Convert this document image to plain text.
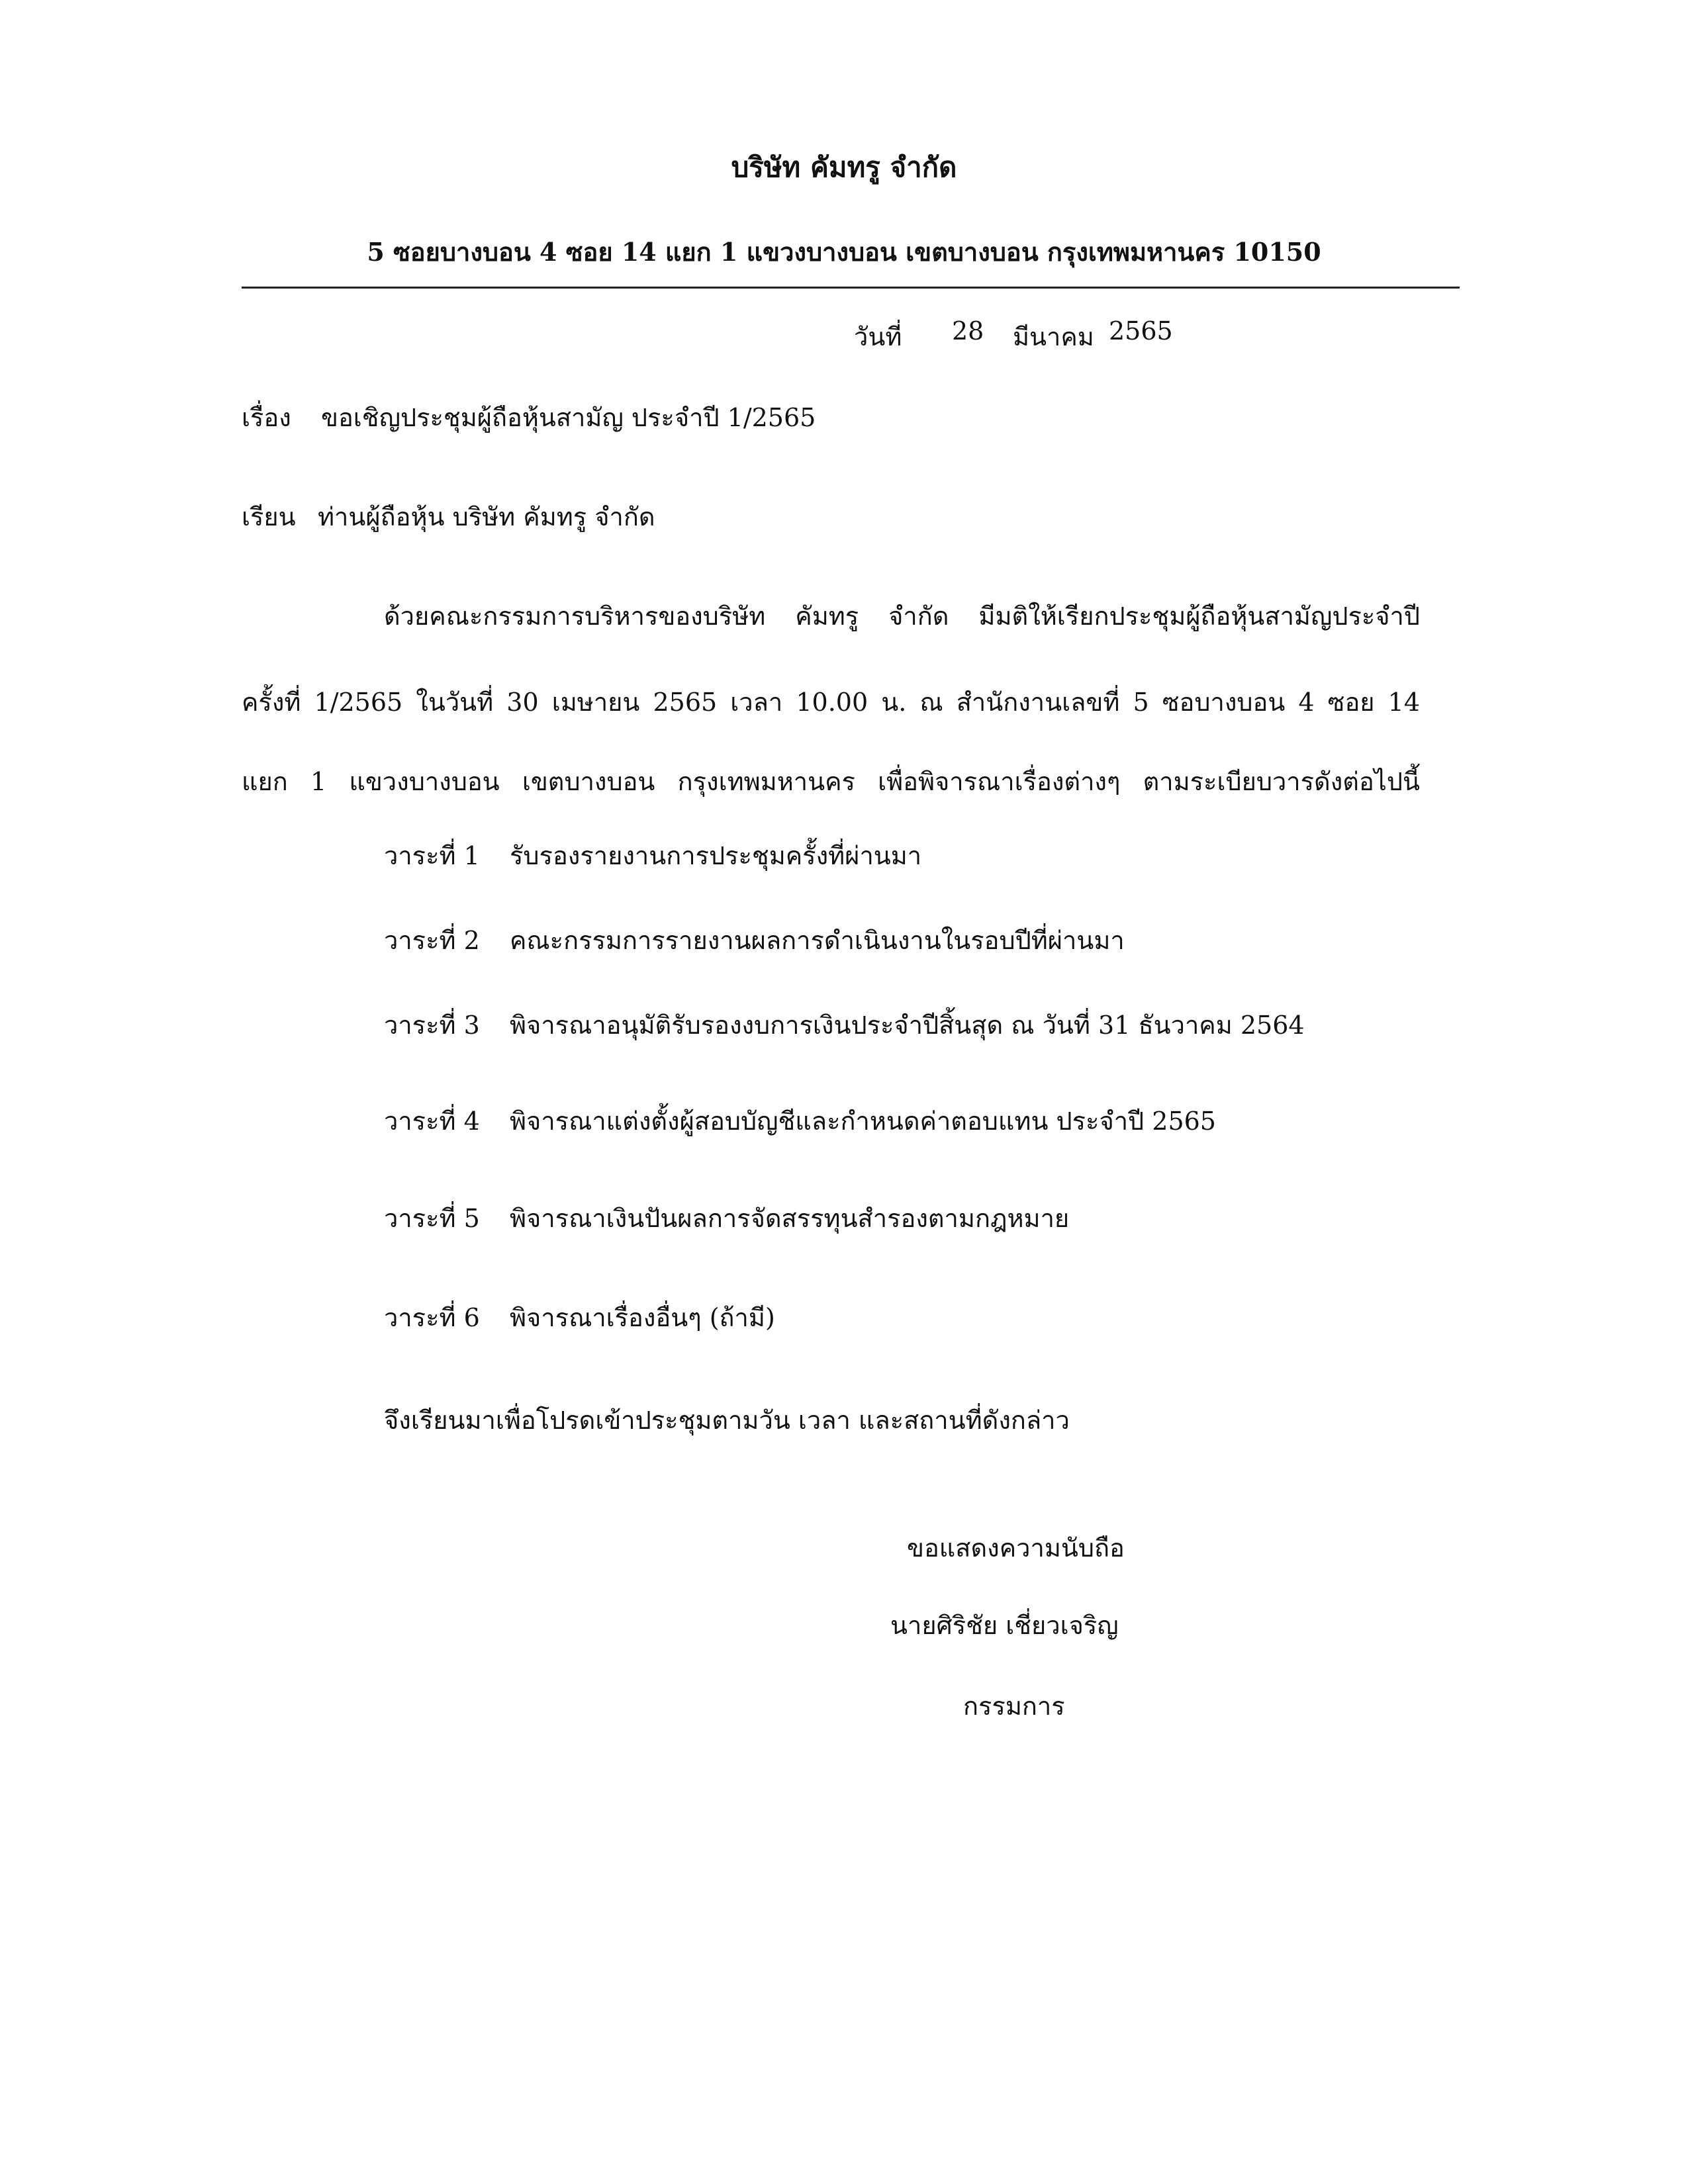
บริษัท คัมทรู จำกัด
5 ซอยบางบอน 4 ซอย 14 แยก 1 แขวงบางบอน เขตบางบอน กรุงเทพมหานคร 10150
วันที่ 28 มีนาคม 2565
เรื่อง ขอเชิญประชุมผู้ถือหุ้นสามัญ ประจำปี 1/2565
เรียน ท่านผู้ถือหุ้น บริษัท คัมทรู จำกัด
ด้วยคณะกรรมการบริหารของบริษัท คัมทรู จำกัด มีมติให้เรียกประชุมผู้ถือหุ้นสามัญประจำปี
ครั้งที่ 1/2565 ในวันที่ 30 เมษายน 2565 เวลา 10.00 น. ณ สำนักงานเลขที่ 5 ซอบางบอน 4 ซอย 14
แยก 1 แขวงบางบอน เขตบางบอน กรุงเทพมหานคร เพื่อพิจารณาเรื่องต่างๆ ตามระเบียบวารดังต่อไปนี้
วาระที่ 1 รับรองรายงานการประชุมครั้งที่ผ่านมา
วาระที่ 2 คณะกรรมการรายงานผลการดำเนินงานในรอบปีที่ผ่านมา
วาระที่ 3 พิจารณาอนุมัติรับรองงบการเงินประจำปีสิ้นสุด ณ วันที่ 31 ธันวาคม 2564
วาระที่ 4 พิจารณาแต่งตั้งผู้สอบบัญชีและกำหนดค่าตอบแทน ประจำปี 2565
วาระที่ 5 พิจารณาเงินปันผลการจัดสรรทุนสำรองตามกฎหมาย
วาระที่ 6 พิจารณาเรื่องอื่นๆ (ถ้ามี)
จึงเรียนมาเพื่อโปรดเข้าประชุมตามวัน เวลา และสถานที่ดังกล่าว
ขอแสดงความนับถือ
นายศิริชัย เชี่ยวเจริญ
กรรมการ
